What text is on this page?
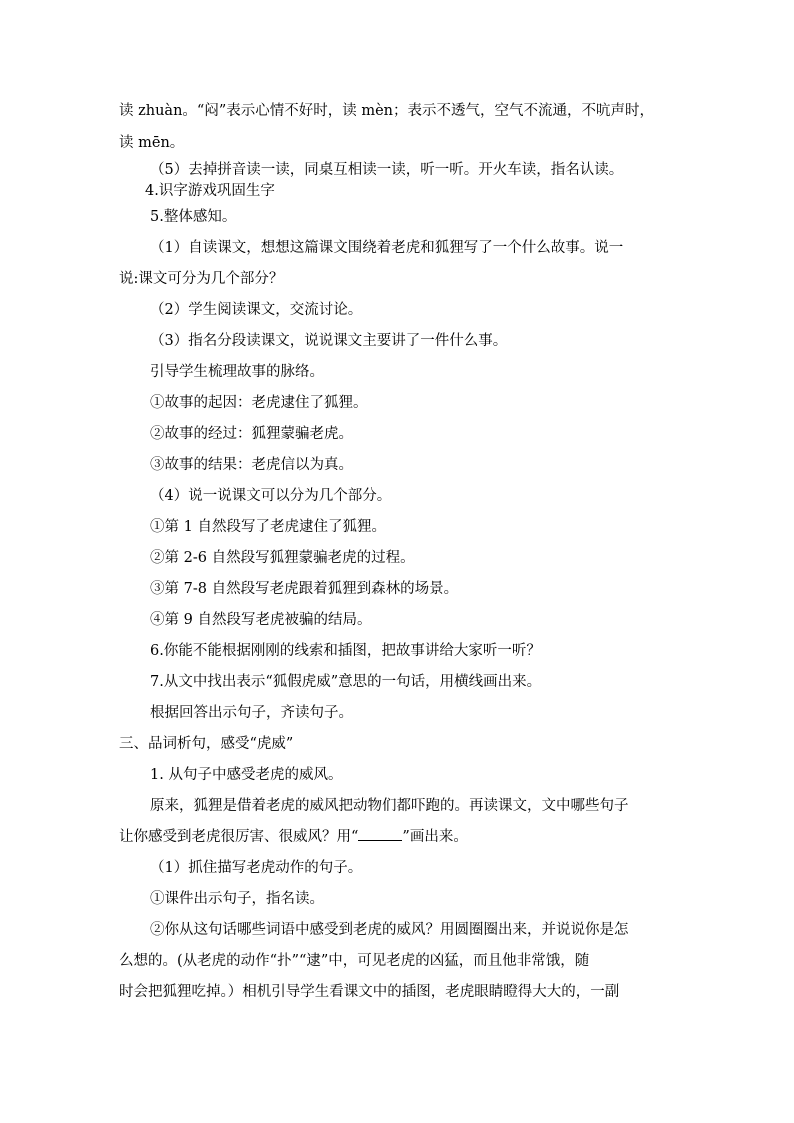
读 zhuàn。“闷”表示心情不好时，读 mèn；表示不透气，空气不流通，不吭声时，
读 mēn。
（5）去掉拼音读一读，同桌互相读一读，听一听。开火车读，指名认读。
4.识字游戏巩固生字
5.整体感知。
（1）自读课文，想想这篇课文围绕着老虎和狐狸写了一个什么故事。说一
说:课文可分为几个部分？
（2）学生阅读课文，交流讨论。
（3）指名分段读课文，说说课文主要讲了一件什么事。
引导学生梳理故事的脉络。
①故事的起因：老虎逮住了狐狸。
②故事的经过：狐狸蒙骗老虎。
③故事的结果：老虎信以为真。
（4）说一说课文可以分为几个部分。
①第 1 自然段写了老虎逮住了狐狸。
②第 2-6 自然段写狐狸蒙骗老虎的过程。
③第 7-8 自然段写老虎跟着狐狸到森林的场景。
④第 9 自然段写老虎被骗的结局。
6.你能不能根据刚刚的线索和插图，把故事讲给大家听一听？
7.从文中找出表示“狐假虎威”意思的一句话，用横线画出来。
根据回答出示句子，齐读句子。
三、品词析句，感受“虎威”
1. 从句子中感受老虎的威风。
原来，狐狸是借着老虎的威风把动物们都吓跑的。再读课文，文中哪些句子
让你感受到老虎很厉害、很威风？用“	”画出来。
（1）抓住描写老虎动作的句子。
①课件出示句子，指名读。
②你从这句话哪些词语中感受到老虎的威风？用圆圈圈出来，并说说你是怎
么想的。(从老虎的动作“扑”“逮”中，可见老虎的凶猛，而且他非常饿，随
时会把狐狸吃掉。）相机引导学生看课文中的插图，老虎眼睛瞪得大大的，一副
